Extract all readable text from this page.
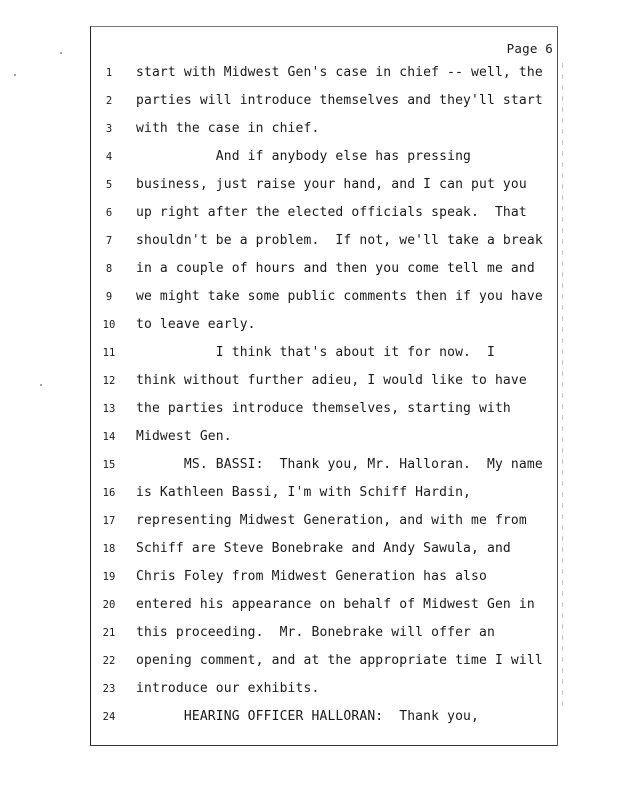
Page 6
1	start with Midwest Gen's case in chief -- well, the
2	parties will introduce themselves and they'll start
3	with the case in chief.
4	And if anybody else has pressing
5	business, just raise your hand, and I can put you
6	up right after the elected officials speak.  That
7	shouldn't be a problem.  If not, we'll take a break
8	in a couple of hours and then you come tell me and
9	we might take some public comments then if you have
10	to leave early.
11	I think that's about it for now.  I
12	think without further adieu, I would like to have
13	the parties introduce themselves, starting with
14	Midwest Gen.
15	MS. BASSI:  Thank you, Mr. Halloran.  My name
16	is Kathleen Bassi, I'm with Schiff Hardin,
17	representing Midwest Generation, and with me from
18	Schiff are Steve Bonebrake and Andy Sawula, and
19	Chris Foley from Midwest Generation has also
20	entered his appearance on behalf of Midwest Gen in
21	this proceeding.  Mr. Bonebrake will offer an
22	opening comment, and at the appropriate time I will
23	introduce our exhibits.
24	HEARING OFFICER HALLORAN:  Thank you,
